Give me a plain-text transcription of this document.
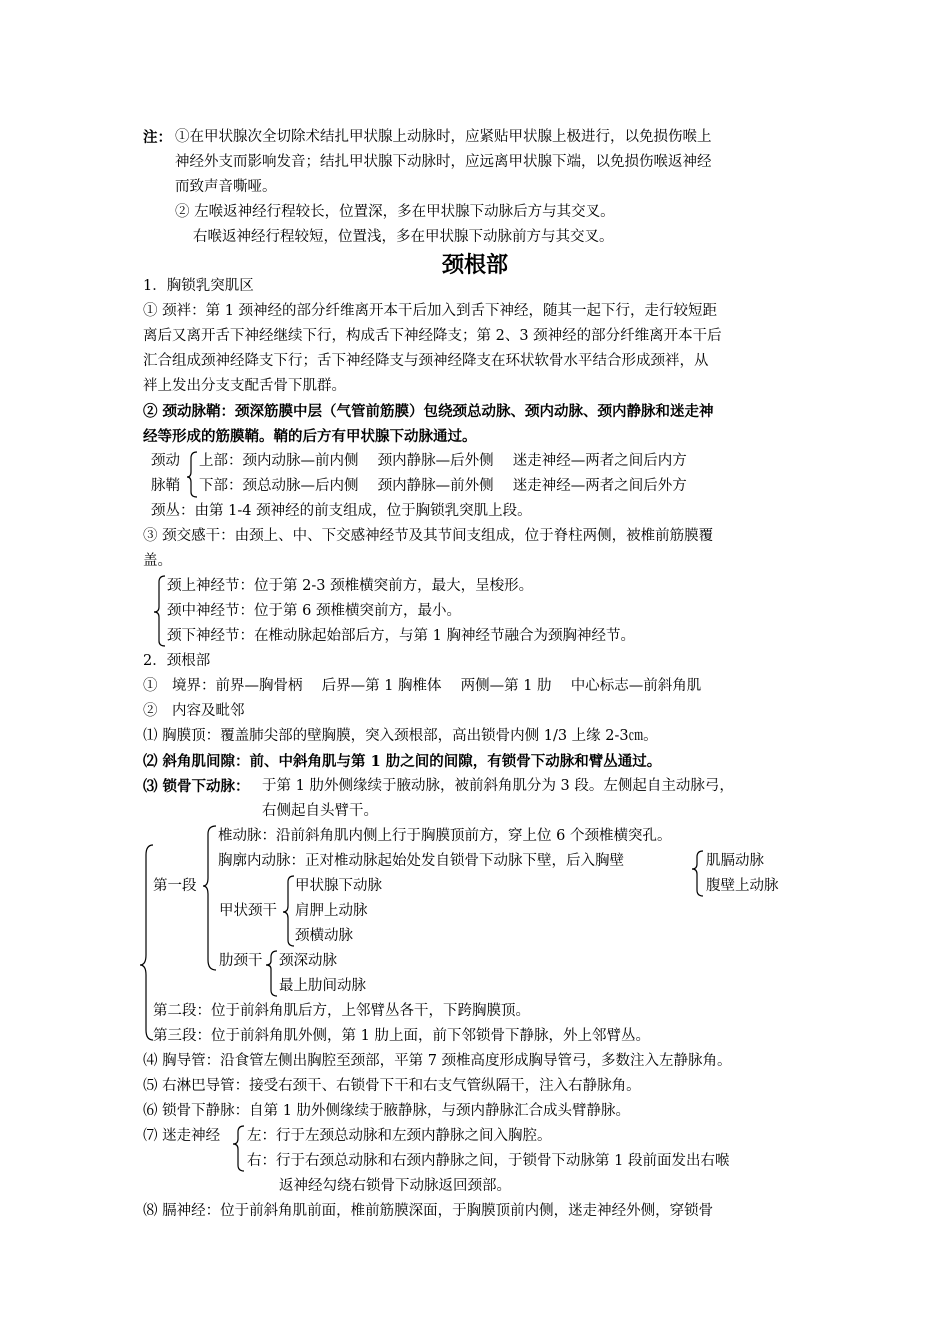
注： ①在甲状腺次全切除术结扎甲状腺上动脉时，应紧贴甲状腺上极进行，以免损伤喉上
神经外支而影响发音；结扎甲状腺下动脉时，应远离甲状腺下端，以免损伤喉返神经
而致声音嘶哑。
② 左喉返神经行程较长，位置深，多在甲状腺下动脉后方与其交叉。
右喉返神经行程较短，位置浅，多在甲状腺下动脉前方与其交叉。
颈根部
1．胸锁乳突肌区
① 颈袢：第 1 颈神经的部分纤维离开本干后加入到舌下神经，随其一起下行，走行较短距
离后又离开舌下神经继续下行，构成舌下神经降支；第 2、3 颈神经的部分纤维离开本干后
汇合组成颈神经降支下行；舌下神经降支与颈神经降支在环状软骨水平结合形成颈袢，从
袢上发出分支支配舌骨下肌群。
② 颈动脉鞘：颈深筋膜中层（气管前筋膜）包绕颈总动脉、颈内动脉、颈内静脉和迷走神
经等形成的筋膜鞘。鞘的后方有甲状腺下动脉通过。
颈动
脉鞘
上部：颈内动脉—前内侧　 颈内静脉—后外侧　 迷走神经—两者之间后内方
下部：颈总动脉—后内侧　 颈内静脉—前外侧　 迷走神经—两者之间后外方
颈丛：由第 1-4 颈神经的前支组成，位于胸锁乳突肌上段。
③ 颈交感干：由颈上、中、下交感神经节及其节间支组成，位于脊柱两侧，被椎前筋膜覆
盖。
颈上神经节：位于第 2-3 颈椎横突前方，最大，呈梭形。
颈中神经节：位于第 6 颈椎横突前方，最小。
颈下神经节：在椎动脉起始部后方，与第 1 胸神经节融合为颈胸神经节。
2．颈根部
①　境界：前界—胸骨柄　 后界—第 1 胸椎体　 两侧—第 1 肋　 中心标志—前斜角肌
②　内容及毗邻
⑴ 胸膜顶：覆盖肺尖部的壁胸膜，突入颈根部，高出锁骨内侧 1/3 上缘 2-3㎝。
⑵ 斜角肌间隙：前、中斜角肌与第 1 肋之间的间隙，有锁骨下动脉和臂丛通过。
⑶ 锁骨下动脉： 于第 1 肋外侧缘续于腋动脉，被前斜角肌分为 3 段。左侧起自主动脉弓，
右侧起自头臂干。
椎动脉：沿前斜角肌内侧上行于胸膜顶前方，穿上位 6 个颈椎横突孔。
胸廓内动脉：正对椎动脉起始处发自锁骨下动脉下壁，后入胸壁	肌膈动脉
腹壁上动脉
第一段	甲状腺下动脉
甲状颈干 肩胛上动脉
颈横动脉
肋颈干 颈深动脉
最上肋间动脉
第二段：位于前斜角肌后方，上邻臂丛各干，下跨胸膜顶。
第三段：位于前斜角肌外侧，第 1 肋上面，前下邻锁骨下静脉，外上邻臂丛。
⑷ 胸导管：沿食管左侧出胸腔至颈部，平第 7 颈椎高度形成胸导管弓，多数注入左静脉角。
⑸ 右淋巴导管：接受右颈干、右锁骨下干和右支气管纵隔干，注入右静脉角。
⑹ 锁骨下静脉：自第 1 肋外侧缘续于腋静脉，与颈内静脉汇合成头臂静脉。
⑺ 迷走神经 左：行于左颈总动脉和左颈内静脉之间入胸腔。
右：行于右颈总动脉和右颈内静脉之间，于锁骨下动脉第 1 段前面发出右喉
返神经勾绕右锁骨下动脉返回颈部。
⑻ 膈神经：位于前斜角肌前面，椎前筋膜深面，于胸膜顶前内侧，迷走神经外侧，穿锁骨
